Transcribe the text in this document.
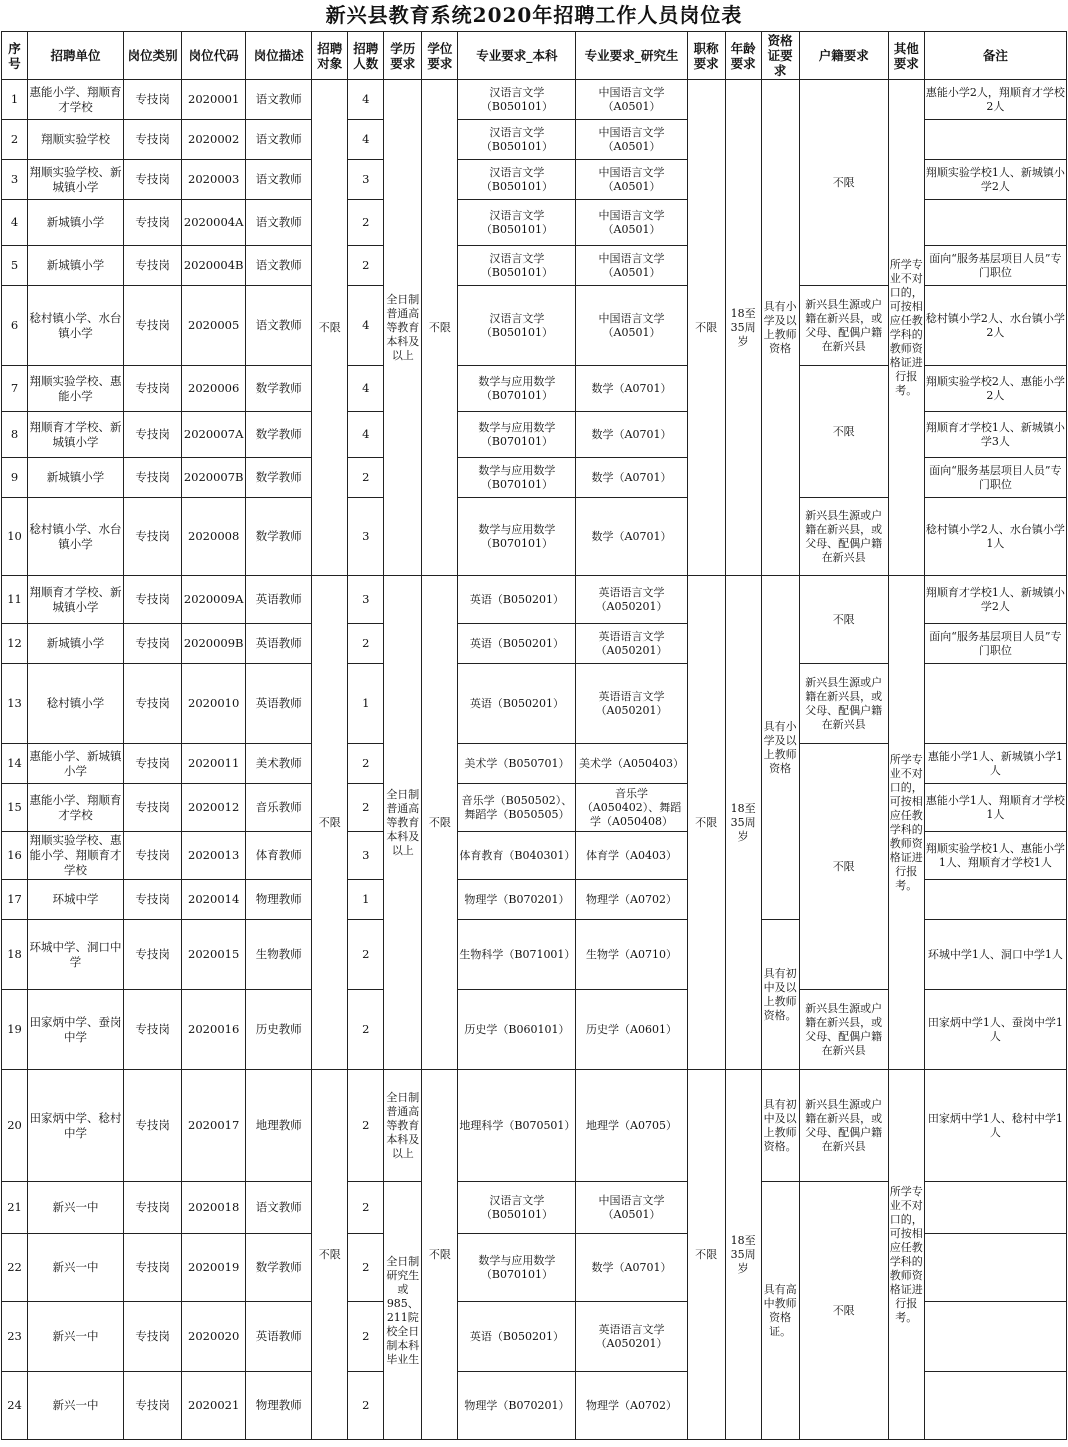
新兴县教育系统2020年招聘工作人员岗位表
序号	招聘单位	岗位类别	岗位代码	岗位描述	招聘对象	招聘人数	学历要求	学位要求	专业要求_本科	专业要求_研究生	职称要求	年龄要求	资格证要求	户籍要求	其他要求	备注
1	惠能小学、翔顺育才学校	专技岗	2020001	语文教师	不限	4	全日制普通高等教育本科及以上	不限	汉语言文学（B050101）	中国语言文学（A0501）	不限	18至35周岁	具有小学及以上教师资格	不限	所学专业不对口的，可按相应任教学科的教师资格证进行报考。	惠能小学2人，翔顺育才学校2人
2	翔顺实验学校	专技岗	2020002	语文教师		4			汉语言文学（B050101）	中国语言文学（A0501）						
3	翔顺实验学校、新城镇小学	专技岗	2020003	语文教师		3			汉语言文学（B050101）	中国语言文学（A0501）						翔顺实验学校1人、新城镇小学2人
4	新城镇小学	专技岗	2020004A	语文教师		2			汉语言文学（B050101）	中国语言文学（A0501）						
5	新城镇小学	专技岗	2020004B	语文教师		2			汉语言文学（B050101）	中国语言文学（A0501）						面向“服务基层项目人员”专门职位
6	稔村镇小学、水台镇小学	专技岗	2020005	语文教师		4			汉语言文学（B050101）	中国语言文学（A0501）				新兴县生源或户籍在新兴县，或父母、配偶户籍在新兴县		稔村镇小学2人、水台镇小学2人
7	翔顺实验学校、惠能小学	专技岗	2020006	数学教师		4			数学与应用数学（B070101）	数学（A0701）				不限		翔顺实验学校2人、惠能小学2人
8	翔顺育才学校、新城镇小学	专技岗	2020007A	数学教师		4			数学与应用数学（B070101）	数学（A0701）						翔顺育才学校1人、新城镇小学3人
9	新城镇小学	专技岗	2020007B	数学教师		2			数学与应用数学（B070101）	数学（A0701）						面向“服务基层项目人员”专门职位
10	稔村镇小学、水台镇小学	专技岗	2020008	数学教师		3			数学与应用数学（B070101）	数学（A0701）				新兴县生源或户籍在新兴县，或父母、配偶户籍在新兴县		稔村镇小学2人、水台镇小学1人
11	翔顺育才学校、新城镇小学	专技岗	2020009A	英语教师	不限	3	全日制普通高等教育本科及以上	不限	英语（B050201）	英语语言文学（A050201）	不限	18至35周岁	具有小学及以上教师资格	不限	所学专业不对口的，可按相应任教学科的教师资格证进行报考。	翔顺育才学校1人、新城镇小学2人
12	新城镇小学	专技岗	2020009B	英语教师		2			英语（B050201）	英语语言文学（A050201）						面向“服务基层项目人员”专门职位
13	稔村镇小学	专技岗	2020010	英语教师		1			英语（B050201）	英语语言文学（A050201）				新兴县生源或户籍在新兴县，或父母、配偶户籍在新兴县		
14	惠能小学、新城镇小学	专技岗	2020011	美术教师		2			美术学（B050701）	美术学（A050403）				不限		惠能小学1人、新城镇小学1人
15	惠能小学、翔顺育才学校	专技岗	2020012	音乐教师		2			音乐学（B050502）、舞蹈学（B050505）	音乐学（A050402）、舞蹈学（A050408）						惠能小学1人、翔顺育才学校1人
16	翔顺实验学校、惠能小学、翔顺育才学校	专技岗	2020013	体育教师		3			体育教育（B040301）	体育学（A0403）						翔顺实验学校1人、惠能小学1人、翔顺育才学校1人
17	环城中学	专技岗	2020014	物理教师		1			物理学（B070201）	物理学（A0702）						
18	环城中学、洞口中学	专技岗	2020015	生物教师		2			生物科学（B071001）	生物学（A0710）			具有初中及以上教师资格。			环城中学1人、洞口中学1人
19	田家炳中学、蚕岗中学	专技岗	2020016	历史教师		2			历史学（B060101）	历史学（A0601）				新兴县生源或户籍在新兴县，或父母、配偶户籍在新兴县		田家炳中学1人、蚕岗中学1人
20	田家炳中学、稔村中学	专技岗	2020017	地理教师	不限	2	全日制普通高等教育本科及以上	不限	地理科学（B070501）	地理学（A0705）	不限	18至35周岁	具有初中及以上教师资格。	新兴县生源或户籍在新兴县，或父母、配偶户籍在新兴县	所学专业不对口的，可按相应任教学科的教师资格证进行报考。	田家炳中学1人、稔村中学1人
21	新兴一中	专技岗	2020018	语文教师		2	全日制研究生或985、211院校全日制本科毕业生		汉语言文学（B050101）	中国语言文学（A0501）			具有高中教师资格证。	不限		
22	新兴一中	专技岗	2020019	数学教师		2			数学与应用数学（B070101）	数学（A0701）						
23	新兴一中	专技岗	2020020	英语教师		2			英语（B050201）	英语语言文学（A050201）						
24	新兴一中	专技岗	2020021	物理教师		2			物理学（B070201）	物理学（A0702）						
